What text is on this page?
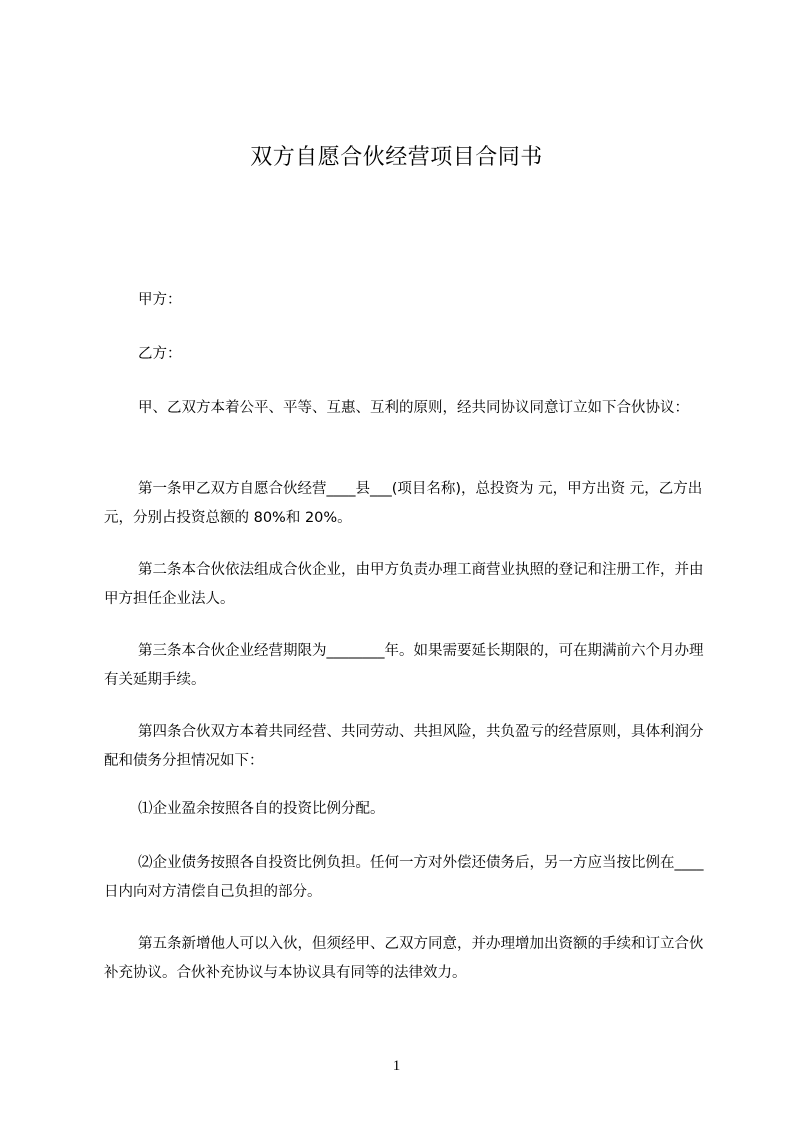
双方自愿合伙经营项目合同书

甲方：

乙方：

甲、乙双方本着公平、平等、互惠、互利的原则，经共同协议同意订立如下合伙协议：

第一条甲乙双方自愿合伙经营____县___(项目名称)，总投资为 元，甲方出资 元，乙方出 元，分别占投资总额的 80%和 20%。

第二条本合伙依法组成合伙企业，由甲方负责办理工商营业执照的登记和注册工作，并由甲方担任企业法人。

第三条本合伙企业经营期限为________年。如果需要延长期限的，可在期满前六个月办理有关延期手续。

第四条合伙双方本着共同经营、共同劳动、共担风险，共负盈亏的经营原则，具体利润分配和债务分担情况如下：

⑴企业盈余按照各自的投资比例分配。

⑵企业债务按照各自投资比例负担。任何一方对外偿还债务后，另一方应当按比例在____日内向对方清偿自己负担的部分。

第五条新增他人可以入伙，但须经甲、乙双方同意，并办理增加出资额的手续和订立合伙补充协议。合伙补充协议与本协议具有同等的法律效力。

1
